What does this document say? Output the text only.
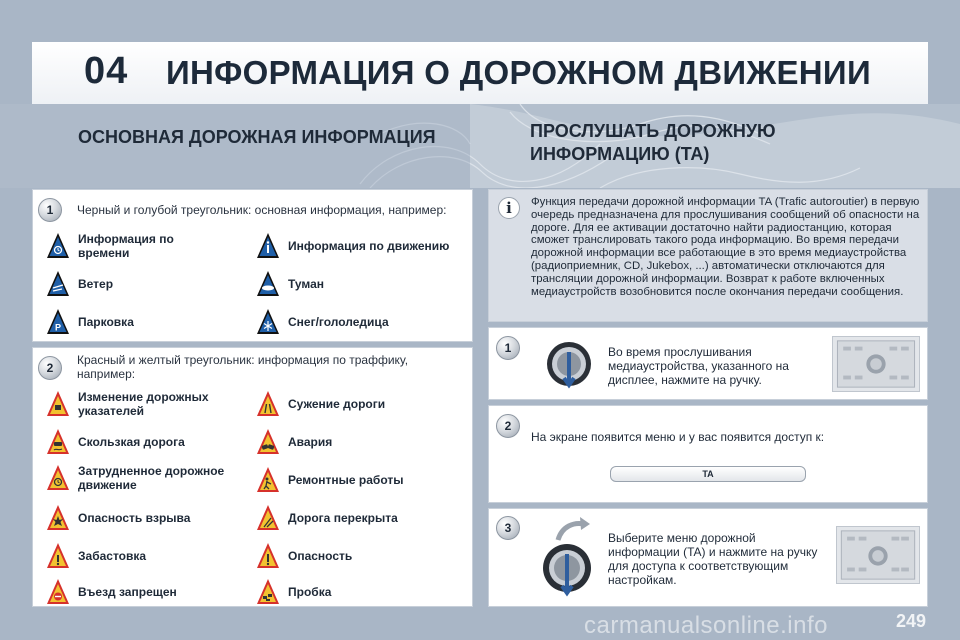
04 ИНФОРМАЦИЯ О ДОРОЖНОМ ДВИЖЕНИИ
ОСНОВНАЯ ДОРОЖНАЯ ИНФОРМАЦИЯ	ПРОСЛУШАТЬ ДОРОЖНУЮ
ИНФОРМАЦИЮ (TA)
1	Черный и голубой треугольник: основная информация, например:
Информация по времени	Информация по движению
Ветер	Туман
P Парковка	Снег/гололедица
2
Красный и желтый треугольник: информация по траффику, например:
Изменение дорожных указателей	Сужение дороги
Скользкая дорога	Авария
Затрудненное дорожное движение	Ремонтные работы
Опасность взрыва	Дорога перекрыта
Забастовка	Опасность
Въезд запрещен	Пробка
i	Функция передачи дорожной информации TA (Trafic autoroutier) в первую очередь предназначена для прослушивания сообщений об опасности на дороге. Для ее активации достаточно найти радиостанцию, которая сможет транслировать такого рода информацию. Во время передачи дорожной информации все работающие в это время медиаустройства (радиоприемник, CD, Jukebox, ...) автоматически отключаются для трансляции дорожной информации. Возврат к работе включенных медиаустройств возобновится после окончания передачи сообщения.
1	Во время прослушивания медиаустройства, указанного на дисплее, нажмите на ручку.
2
На экране появится меню и у вас появится доступ к:
TA
3
Выберите меню дорожной информации (TA) и нажмите на ручку для доступа к соответствующим настройкам.
carmanualsonline.info	249
